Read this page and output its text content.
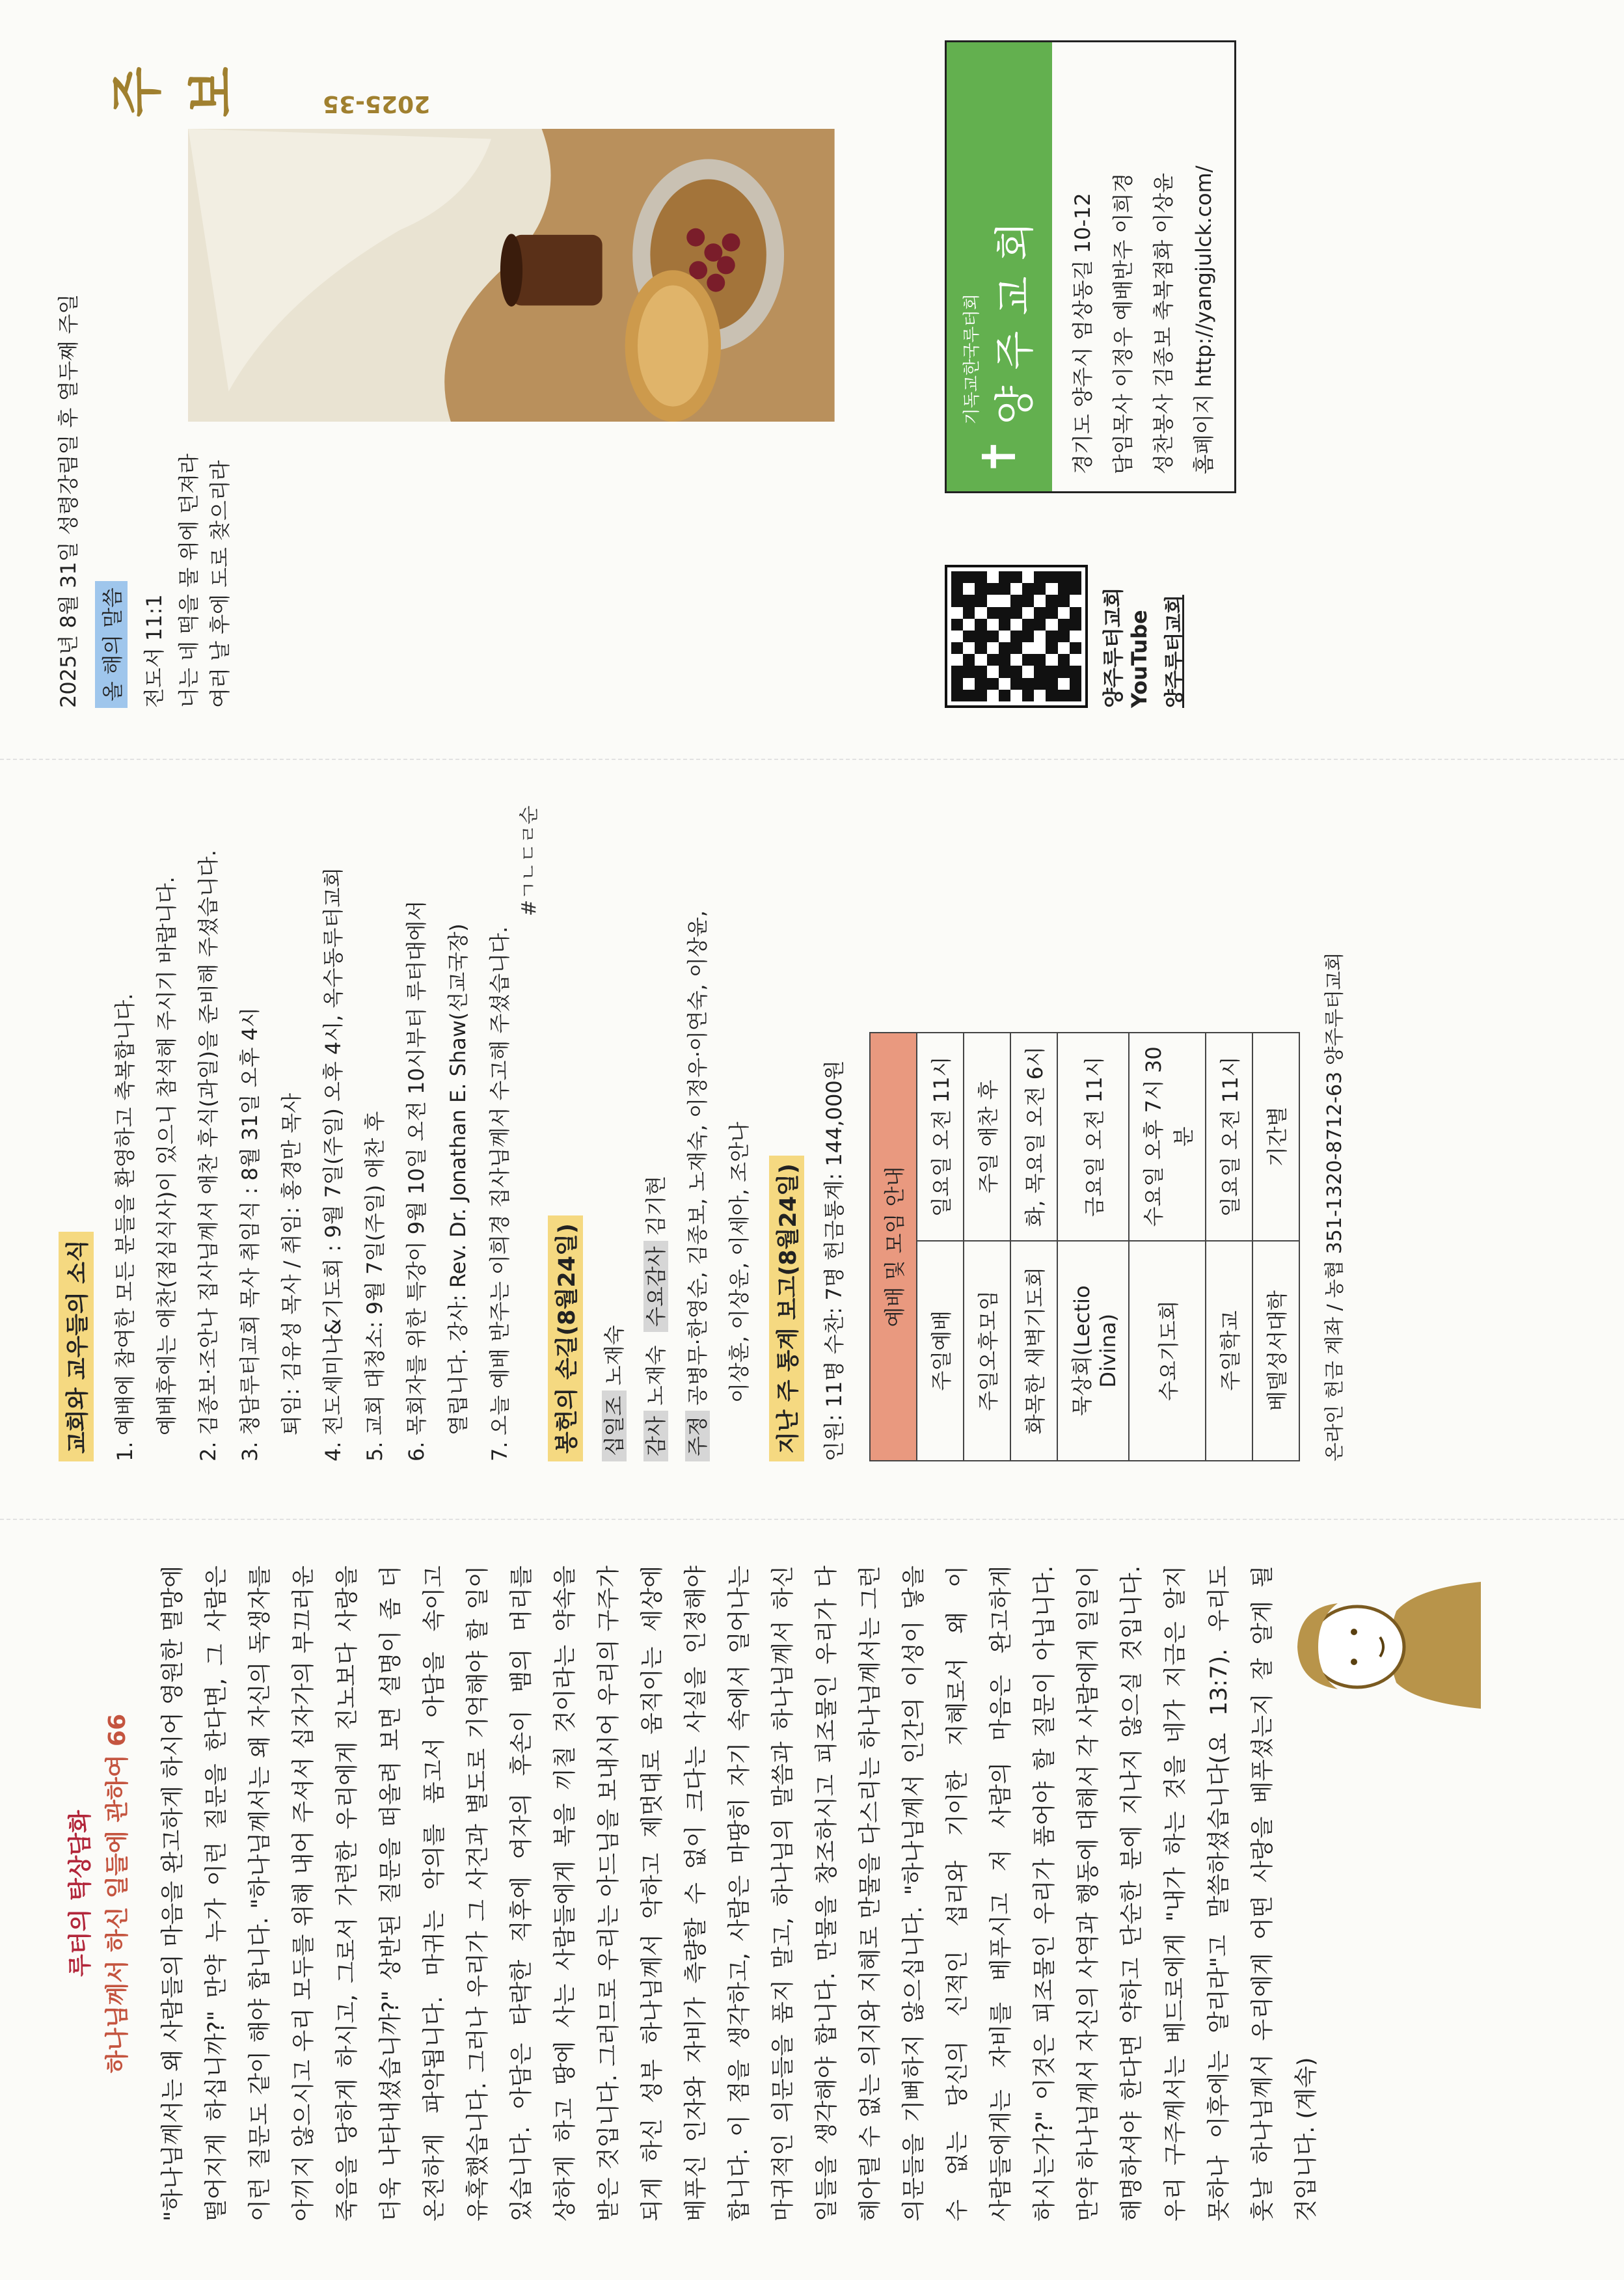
루터의 탁상담화 하나님께서 하신 일들에 관하여 66	"하나님께서는 왜 사람들의 마음을 완고하게 하시어 영원한 멸망에 떨어지게 하십니까?" 만약 누가 이런 질문을 한다면, 그 사람은 이런 질문도 같이 해야 합니다. "하나님께서는 왜 자신의 독생자를 아끼지 않으시고 우리 모두를 위해 내어 주셔서 십자가의 부끄러운 죽음을 당하게 하시고, 그로서 가련한 우리에게 진노보다 사랑을 더욱 나타내셨습니까?" 상반된 질문을 떠올려 보면 설명이 좀 더 온전하게 파악됩니다. 마귀는 악의를 품고서 아담을 속이고 유혹했습니다. 그러나 우리가 그 사건과 별도로 기억해야 할 일이 있습니다. 아담은 타락한 직후에 여자의 후손이 뱀의 머리를 상하게 하고 땅에 사는 사람들에게 복을 끼칠 것이라는 약속을 받은 것입니다. 그러므로 우리는 아드님을 보내시어 우리의 구주가 되게 하신 성부 하나님께서 악하고 제멋대로 움직이는 세상에 베푸신 인자와 자비가 측량할 수 없이 크다는 사실을 인정해야 합니다. 이 점을 생각하고, 사람은 마땅히 자기 속에서 일어나는 마귀적인 의문들을 품지 말고, 하나님의 말씀과 하나님께서 하신 일들을 생각해야 합니다. 만물을 창조하시고 피조물인 우리가 다 헤아릴 수 없는 의지와 지혜로 만물을 다스리는 하나님께서는 그런 의문들을 기뻐하지 않으십니다. "하나님께서 인간의 이성이 닿을 수 없는 당신의 신적인 섭리와 기이한 지혜로서 왜 이 사람들에게는 자비를 베푸시고 저 사람의 마음은 완고하게 하시는가?" 이것은 피조물인 우리가 품어야 할 질문이 아닙니다. 만약 하나님께서 자신의 사역과 행동에 대해서 각 사람에게 일일이 해명하셔야 한다면 약하고 단순한 분에 지나지 않으실 것입니다. 우리 구주께서는 베드로에게 "내가 하는 것을 네가 지금은 알지 못하나 이후에는 알리라"고 말씀하셨습니다(요 13:7). 우리도 훗날 하나님께서 우리에게 어떤 사랑을 베푸셨는지 잘 알게 될 것입니다. (계속)

교회와 교우들의 소식	1.
예배에 참여한 모든 분들을 환영하고 축복합니다. 예배후에는 애찬(점심식사)이 있으니 참석해 주시기 바랍니다.
2.
김종보·조안나 집사님께서 애찬 후식(과일)을 준비해 주셨습니다.
3.
청담루터교회 목사 취임식 : 8월 31일 오후 4시 퇴임: 김유성 목사 / 취임: 홍경만 목사
4.
전도세미나&기도회 : 9월 7일(주일) 오후 4시, 옥수동루터교회
5.
교회 대청소: 9월 7일(주일) 애찬 후
6.
목회자를 위한 특강이 9월 10일 오전 10시부터 루터대에서 열립니다. 강사: Rev. Dr. Jonathan E. Shaw(선교국장)
7.
오늘 예배 반주는 이희경 집사님께서 수고해 주셨습니다.
#ㄱㄴㄷㄹ순
봉헌의 손길(8월24일)	십일조노재숙
감사노재숙  수요감사김기현
주정공병무·한영순, 김종보, 노재숙, 이정우·이연숙, 이상윤, 이상훈, 이상운, 이세아, 조안나	지난 주 통계 보고(8월24일) 인원: 11명 수찬: 7명 헌금통계: 144,000원	예배 및 모임 안내	
주일예배	일요일 오전 11시
주일오후모임	주일 애찬 후
화목한 새벽기도회	화, 목요일 오전 6시
묵상회(Lectio Divina)	금요일 오전 11시
수요기도회	수요일 오후 7시 30분
주일학교	일요일 오전 11시
베델성서대학	기간별 온라인 헌금 계좌 / 농협 351-1320-8712-63 양주루터교회

2025년 8월 31일 성령강림일 후 열두째 주일 올 해의 말씀 전도서 11:1 너는 네 떡을 물 위에 던져라 여러 날 후에 도로 찾으리라

주보	2025-35
양주루터교회 YouTube 양주루터교회
✝
기독교한국루터회 양주교회	경기도 양주시 엄상동길 10-12 담임목사 이정우 예배반주 이희경 성찬봉사 김종보 축복점화 이상윤 홈페이지 http://yangjulck.com/
